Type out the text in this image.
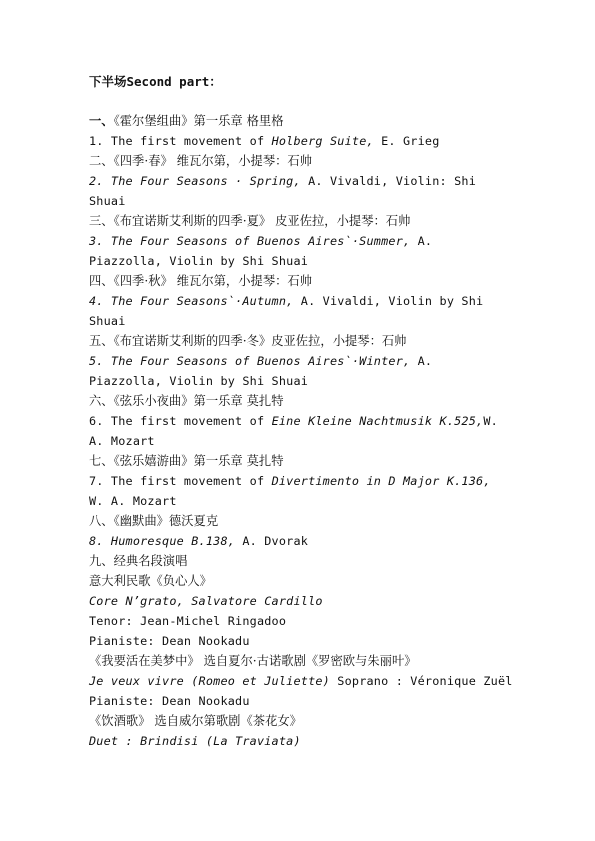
下半场Second part：
一、《霍尔堡组曲》第一乐章 格里格
1. The first movement of Holberg Suite, E. Grieg
二、《四季·春》 维瓦尔第，小提琴：石帅
2. The Four Seasons · Spring, A. Vivaldi, Violin: Shi Shuai
三、《布宜诺斯艾利斯的四季·夏》 皮亚佐拉，小提琴：石帅
3. The Four Seasons of Buenos Aires`·Summer, A. Piazzolla, Violin by Shi Shuai
四、《四季·秋》 维瓦尔第，小提琴：石帅
4. The Four Seasons`·Autumn, A. Vivaldi, Violin by Shi Shuai
五、《布宜诺斯艾利斯的四季·冬》皮亚佐拉，小提琴：石帅
5. The Four Seasons of Buenos Aires`·Winter, A. Piazzolla, Violin by Shi Shuai
六、《弦乐小夜曲》第一乐章 莫扎特
6. The first movement of Eine Kleine Nachtmusik K.525,W. A. Mozart
七、《弦乐嬉游曲》第一乐章 莫扎特
7. The first movement of Divertimento in D Major K.136, W. A. Mozart
八、《幽默曲》德沃夏克
8. Humoresque B.138, A. Dvorak
九、经典名段演唱
意大利民歌《负心人》
Core N’grato, Salvatore Cardillo
Tenor: Jean-Michel Ringadoo
Pianiste: Dean Nookadu
《我要活在美梦中》 选自夏尔·古诺歌剧《罗密欧与朱丽叶》
Je veux vivre (Romeo et Juliette) Soprano : Véronique Zuël
Pianiste: Dean Nookadu
《饮酒歌》 选自威尔第歌剧《茶花女》
Duet : Brindisi (La Traviata)
